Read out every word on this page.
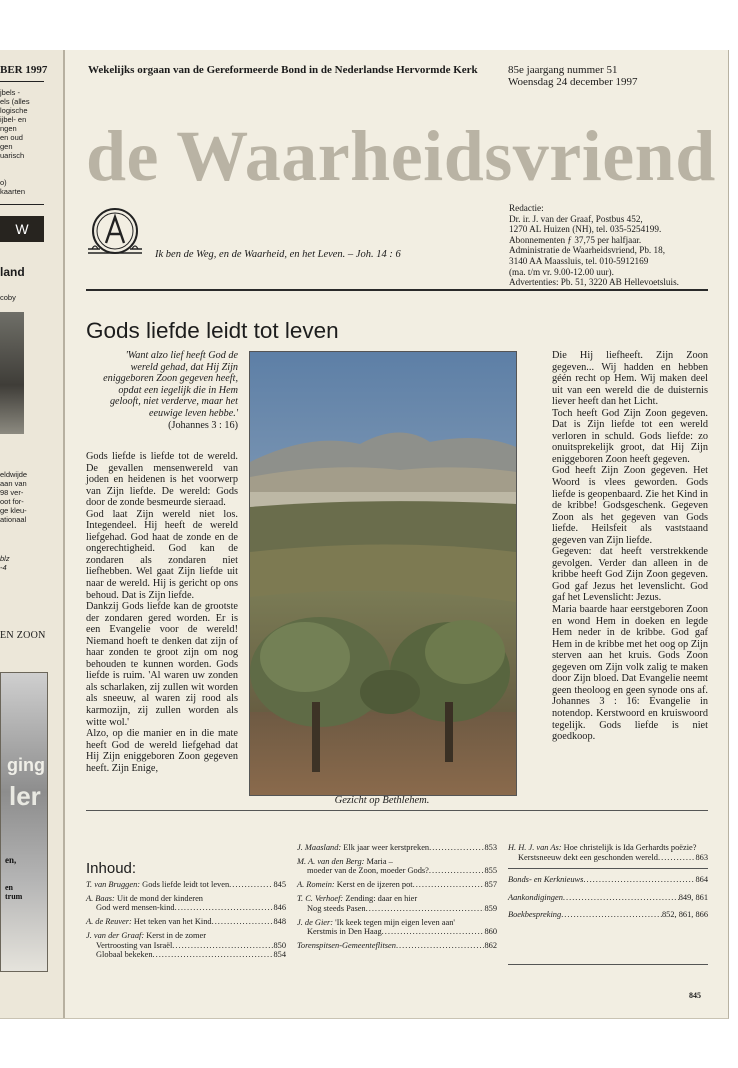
BER 1997
jbels -
els (alles
logische
ijbel- en
ngen
en oud
gen
uarisch
o)
kaarten
W
land
coby
eldwijde
aan van
98 ver-
oot for-
ge kleu-
ationaal
blz
-4
EN ZOON
ging
ler
en,
en
trum
Wekelijks orgaan van de Gereformeerde Bond in de Nederlandse Hervormde Kerk	85e jaargang nummer 51
Woensdag 24 december 1997
de Waarheidsvriend
Ik ben de Weg, en de Waarheid, en het Leven. – Joh. 14 : 6
Redactie:
Dr. ir. J. van der Graaf, Postbus 452,
1270 AL Huizen (NH), tel. 035-5254199.
Abonnementen ƒ 37,75 per halfjaar.
Administratie de Waarheidsvriend, Pb. 18,
3140 AA Maassluis, tel. 010-5912169
(ma. t/m vr. 9.00-12.00 uur).
Advertenties: Pb. 51, 3220 AB Hellevoetsluis.
Gods liefde leidt tot leven
'Want alzo lief heeft God de wereld gehad, dat Hij Zijn eniggeboren Zoon gegeven heeft, opdat een iegelijk die in Hem gelooft, niet verderve, maar het eeuwige leven hebbe.'
(Johannes 3 : 16)

Gods liefde is liefde tot de wereld. De gevallen mensenwereld van joden en heidenen is het voorwerp van Zijn liefde. De wereld: Gods door de zonde besmeurde sieraad.

God laat Zijn wereld niet los. Integendeel. Hij heeft de wereld liefgehad. God haat de zonde en de ongerechtigheid. God kan de zondaren als zondaren niet liefhebben. Wel gaat Zijn liefde uit naar de wereld. Hij is gericht op ons behoud. Dat is Zijn liefde.

Dankzij Gods liefde kan de grootste der zondaren gered worden. Er is een Evangelie voor de wereld! Niemand hoeft te denken dat zijn of haar zonden te groot zijn om nog behouden te kunnen worden. Gods liefde is ruim. 'Al waren uw zonden als scharlaken, zij zullen wit worden als sneeuw, al waren zij rood als karmozijn, zij zullen worden als witte wol.'

Alzo, op die manier en in die mate heeft God de wereld liefgehad dat Hij Zijn eniggeboren Zoon gegeven heeft. Zijn Enige,

Gezicht op Bethlehem.

Die Hij liefheeft. Zijn Zoon gegeven... Wij hadden en hebben géén recht op Hem. Wij maken deel uit van een wereld die de duisternis liever heeft dan het Licht.

Toch heeft God Zijn Zoon gegeven. Dat is Zijn liefde tot een wereld verloren in schuld. Gods liefde: zo onuitsprekelijk groot, dat Hij Zijn eniggeboren Zoon heeft gegeven.

God heeft Zijn Zoon gegeven. Het Woord is vlees geworden. Gods liefde is geopenbaard. Zie het Kind in de kribbe! Godsgeschenk. Gegeven Zoon als het gegeven van Gods liefde. Heilsfeit als vaststaand gegeven van Zijn liefde.

Gegeven: dat heeft verstrekkende gevolgen. Verder dan alleen in de kribbe heeft God Zijn Zoon gegeven. God gaf Jezus het levenslicht. God gaf het Levenslicht: Jezus.

Maria baarde haar eerstgeboren Zoon en wond Hem in doeken en legde Hem neder in de kribbe. God gaf Hem in de kribbe met het oog op Zijn sterven aan het kruis. Gods Zoon gegeven om Zijn volk zalig te maken door Zijn bloed. Dat Evangelie neemt geen theoloog en geen synode ons af. Johannes 3 : 16: Evangelie in notendop. Kerstwoord en kruiswoord tegelijk. Gods liefde is niet goedkoop.

Inhoud:
T. van Bruggen: Gods liefde leidt tot leven .....	845
A. Baas: Uit de mond der kinderen
God werd mensen-kind .....	846
A. de Reuver: Het teken van het Kind .....	848
J. van der Graaf: Kerst in de zomer
Vertroosting van Israël .....	850
Globaal bekeken .....	854
J. Maasland: Elk jaar weer kerstpreken .....	853
M. A. van den Berg: Maria –
moeder van de Zoon, moeder Gods? .....	855
A. Romein: Kerst en de ijzeren pot .....	857
T. C. Verhoef: Zending: daar en hier
Nog steeds Pasen .....	859
J. de Gier: 'Ik keek tegen mijn eigen leven aan'
Kerstmis in Den Haag .....	860
Torenspitsen-Gemeenteflitsen .....	862
H. H. J. van As: Hoe christelijk is Ida Gerhardts poëzie?
Kerstsneeuw dekt een geschonden wereld .....	863
Bonds- en Kerknieuws .....	864
Aankondigingen .....	849, 861
Boekbespreking .....	852, 861, 866
845
